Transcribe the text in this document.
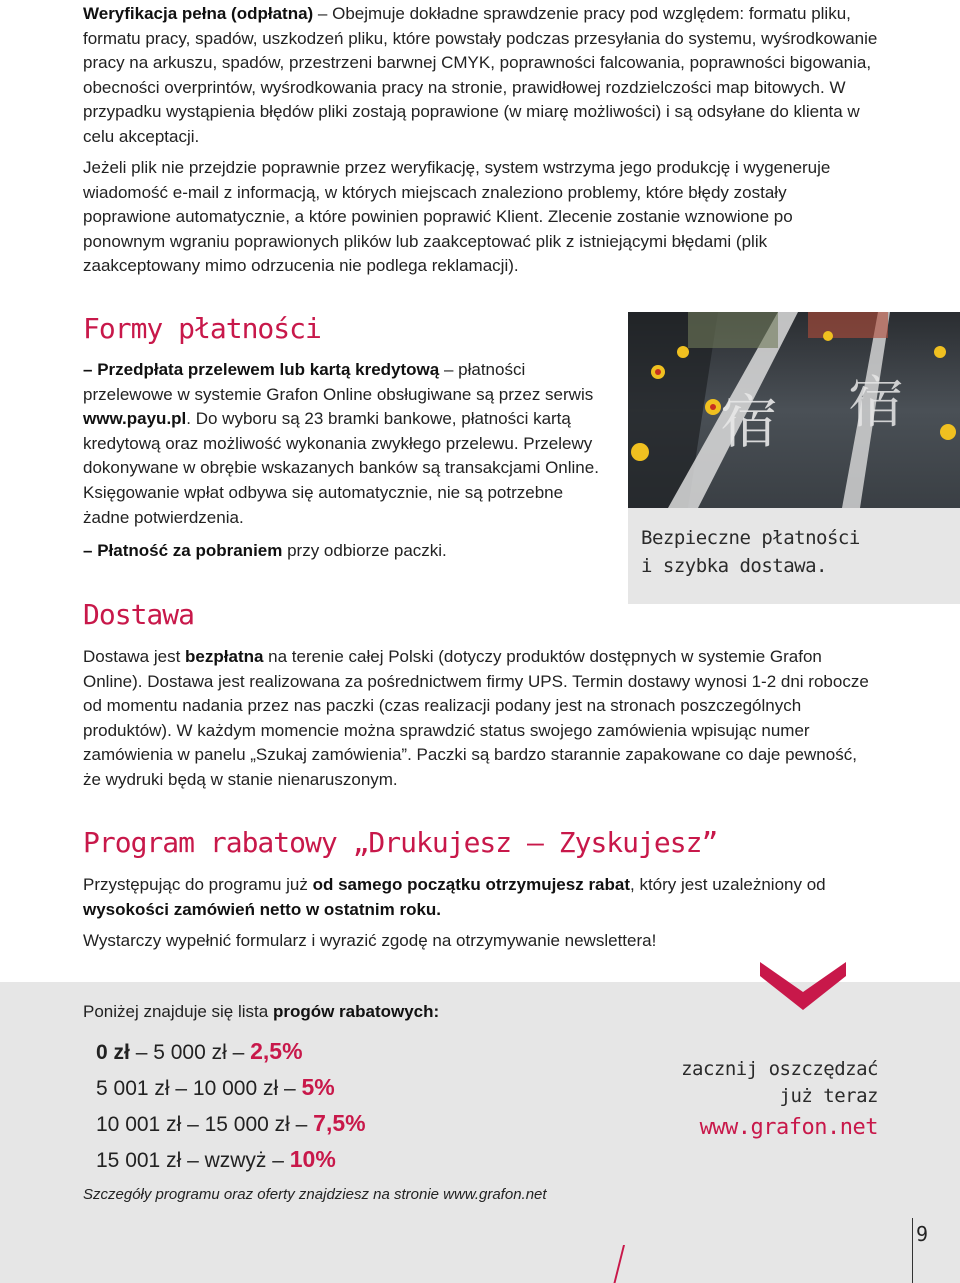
Weryfikacja pełna (odpłatna) – Obejmuje dokładne sprawdzenie pracy pod względem: formatu pliku, formatu pracy, spadów, uszkodzeń pliku, które powstały podczas przesyłania do systemu, wyśrodkowanie pracy na arkuszu, spadów, przestrzeni barwnej CMYK, poprawności falcowania, poprawności bigowania, obecności overprintów, wyśrodkowania pracy na stronie, prawidłowej rozdzielczości map bitowych. W przypadku wystąpienia błędów pliki zostają poprawione (w miarę możliwości) i są odsyłane do klienta w celu akceptacji.
Jeżeli plik nie przejdzie poprawnie przez weryfikację, system wstrzyma jego produkcję i wygeneruje wiadomość e-mail z informacją, w których miejscach znaleziono problemy, które błędy zostały poprawione automatycznie, a które powinien poprawić Klient. Zlecenie zostanie wznowione po ponownym wgraniu poprawionych plików lub zaakceptować plik z istniejącymi błędami (plik zaakceptowany mimo odrzucenia nie podlega reklamacji).
Formy płatności
– Przedpłata przelewem lub kartą kredytową – płatności przelewowe w systemie Grafon Online obsługiwane są przez serwis www.payu.pl. Do wyboru są 23 bramki bankowe, płatności kartą kredytową oraz możliwość wykonania zwykłego przelewu. Przelewy dokonywane w obrębie wskazanych banków są transakcjami Online. Księgowanie wpłat odbywa się automatycznie, nie są potrzebne żadne potwierdzenia.
– Płatność za pobraniem przy odbiorze paczki.
宿 宿
Bezpieczne płatności
i szybka dostawa.
Dostawa
Dostawa jest bezpłatna na terenie całej Polski (dotyczy produktów dostępnych w systemie Grafon Online). Dostawa jest realizowana za pośrednictwem firmy UPS. Termin dostawy wynosi 1-2 dni robocze od momentu nadania przez nas paczki (czas realizacji podany jest na stronach poszczególnych produktów). W każdym momencie można sprawdzić status swojego zamówienia wpisując numer zamówienia w panelu „Szukaj zamówienia”. Paczki są bardzo starannie zapakowane co daje pewność, że wydruki będą w stanie nienaruszonym.
Program rabatowy „Drukujesz – Zyskujesz”
Przystępując do programu już od samego początku otrzymujesz rabat, który jest uzależniony od wysokości zamówień netto w ostatnim roku.
Wystarczy wypełnić formularz i wyrazić zgodę na otrzymywanie newslettera!
Poniżej znajduje się lista progów rabatowych:
0 zł – 5 000 zł – 2,5%
5 001 zł – 10 000 zł – 5%
10 001 zł – 15 000 zł – 7,5%
15 001 zł – wzwyż – 10%
Szczegóły programu oraz oferty znajdziesz na stronie www.grafon.net
zacznij oszczędzać
już teraz
www.grafon.net
9
